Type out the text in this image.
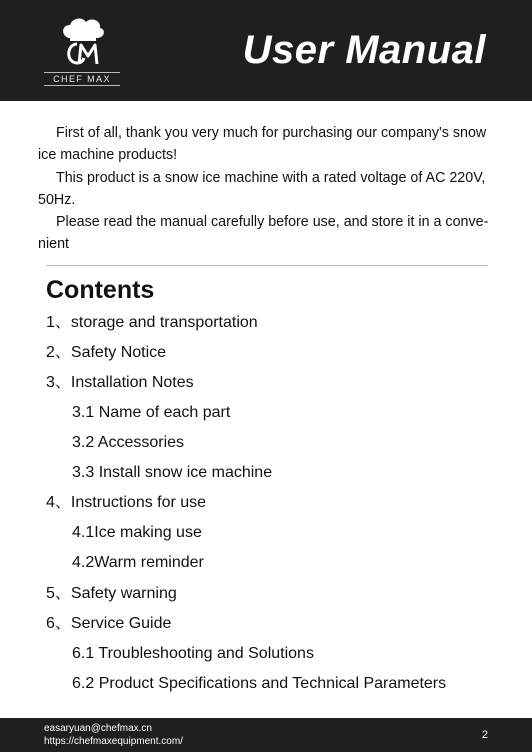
CHEF MAX
User Manual

First of all, thank you very much for purchasing our company's snow ice machine products!

This product is a snow ice machine with a rated voltage of AC 220V, 50Hz.

Please read the manual carefully before use, and store it in a conve-nient

Contents
1、storage and transportation
2、Safety Notice
3、Installation Notes
3.1 Name of each part
3.2 Accessories
3.3 Install snow ice machine
4、Instructions for use
4.1Ice making use
4.2Warm reminder
5、Safety warning
6、Service Guide
6.1 Troubleshooting and Solutions
6.2 Product Specifications and Technical Parameters
easaryuan@chefmax.cn
https://chefmaxequipment.com/
2
